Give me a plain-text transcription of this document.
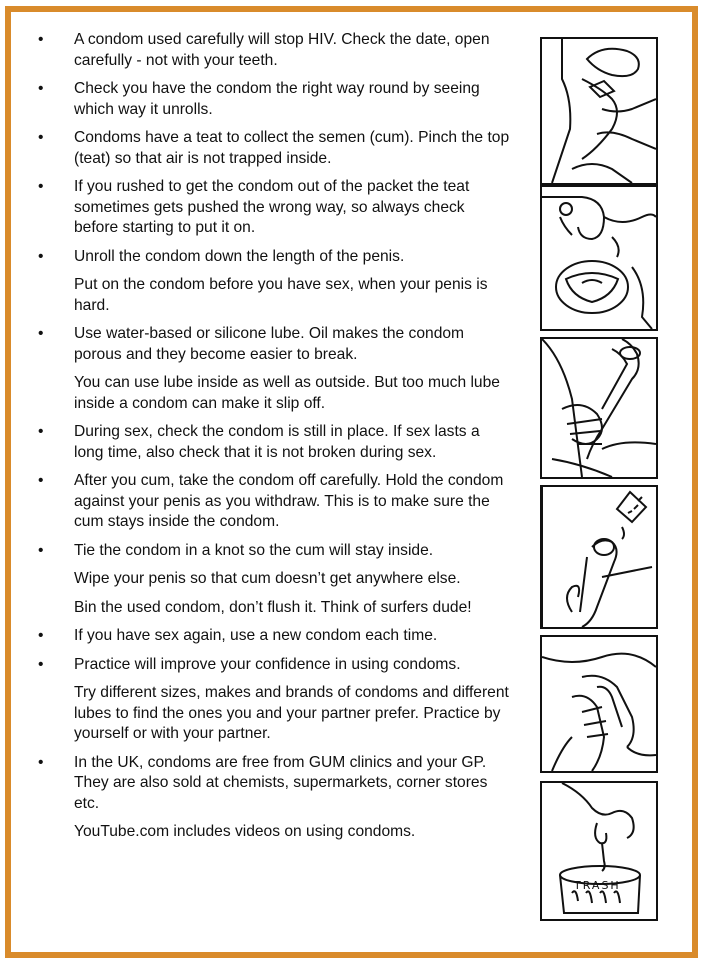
•	A condom used carefully will stop HIV. Check the date, open carefully - not with your teeth.
•	Check you have the condom the right way round by seeing which way it unrolls.
•	Condoms have a teat to collect the semen (cum). Pinch the top (teat) so that air is not trapped inside.
•	If you rushed to get the condom out of the packet the teat sometimes gets pushed the wrong way, so always check before starting to put it on.
•	Unroll the condom down the length of the penis.
Put on the condom before you have sex, when your penis is hard.
•	Use water-based or silicone lube. Oil makes the condom porous and they become easier to break.
You can use lube inside as well as outside. But too much lube inside a condom can make it slip off.
•	During sex, check the condom is still in place. If sex lasts a long time, also check that it is not broken during sex.
•	After you cum, take the condom off carefully. Hold the condom against your penis as you withdraw. This is to make sure the cum stays inside the condom.
•	Tie the condom in a knot so the cum will stay inside.
Wipe your penis so that cum doesn’t get anywhere else.
Bin the used condom, don’t flush it. Think of surfers dude!
•	If you have sex again, use a new condom each time.
•	Practice will improve your confidence in using condoms.
Try different sizes, makes and brands of condoms and different lubes to find the ones you and your partner prefer. Practice by yourself or with your partner.
•	In the UK, condoms are free from GUM clinics and your GP. They are also sold at chemists, supermarkets, corner stores etc.
YouTube.com includes videos on using condoms.
TRASH
